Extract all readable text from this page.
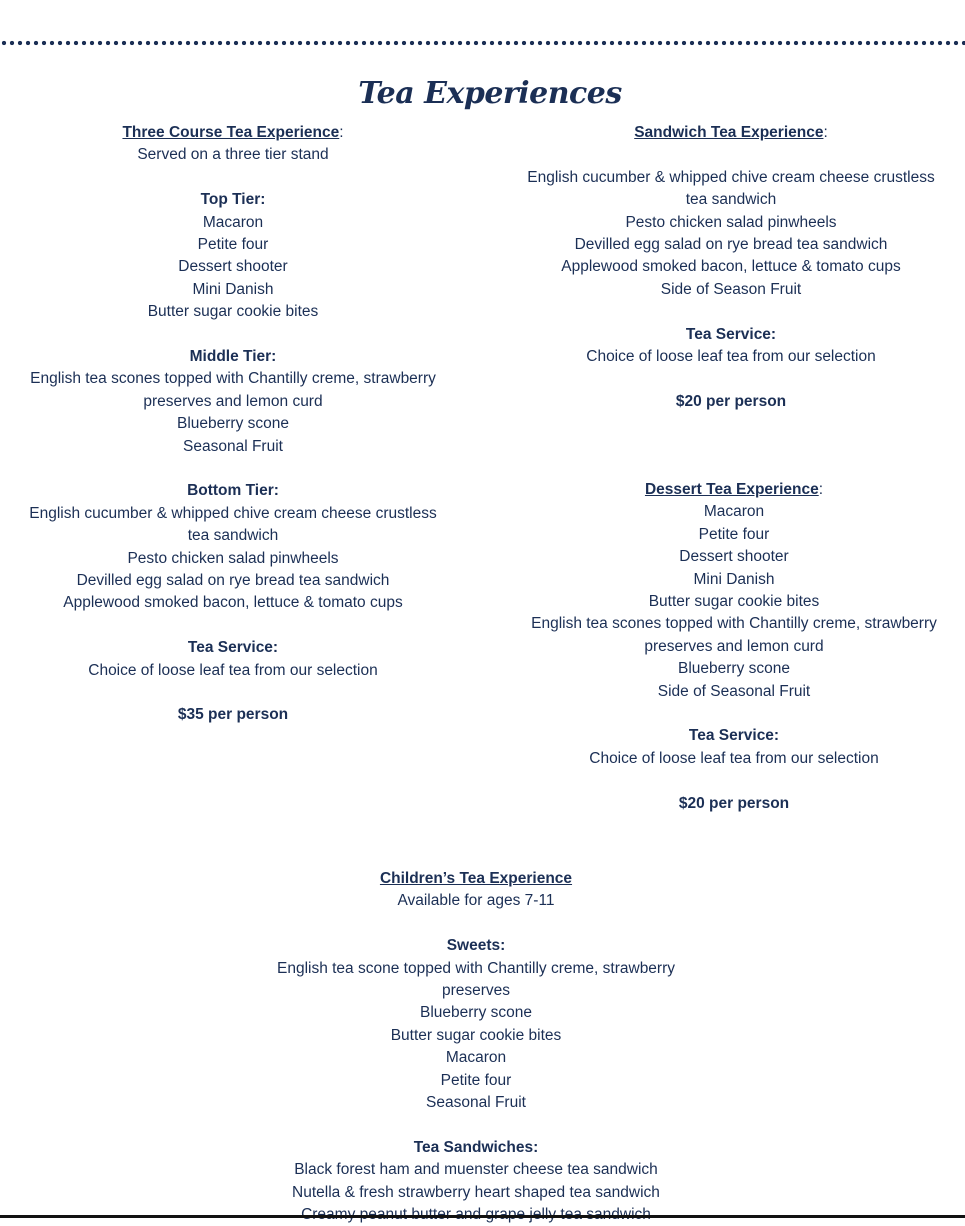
Tea Experiences
Three Course Tea Experience:
Served on a three tier stand
Top Tier:
Macaron
Petite four
Dessert shooter
Mini Danish
Butter sugar cookie bites
Middle Tier:
English tea scones topped with Chantilly creme, strawberry preserves and lemon curd
Blueberry scone
Seasonal Fruit
Bottom Tier:
English cucumber & whipped chive cream cheese crustless tea sandwich
Pesto chicken salad pinwheels
Devilled egg salad on rye bread tea sandwich
Applewood smoked bacon, lettuce & tomato cups
Tea Service:
Choice of loose leaf tea from our selection
$35 per person
Sandwich Tea Experience:
English cucumber & whipped chive cream cheese crustless tea sandwich
Pesto chicken salad pinwheels
Devilled egg salad on rye bread tea sandwich
Applewood smoked bacon, lettuce & tomato cups
Side of Season Fruit
Tea Service:
Choice of loose leaf tea from our selection
$20 per person
Dessert Tea Experience:
Macaron
Petite four
Dessert shooter
Mini Danish
Butter sugar cookie bites
English tea scones topped with Chantilly creme, strawberry preserves and lemon curd
Blueberry scone
Side of Seasonal Fruit
Tea Service:
Choice of loose leaf tea from our selection
$20 per person
Children’s Tea Experience
Available for ages 7-11
Sweets:
English tea scone topped with Chantilly creme, strawberry preserves
Blueberry scone
Butter sugar cookie bites
Macaron
Petite four
Seasonal Fruit
Tea Sandwiches:
Black forest ham and muenster cheese tea sandwich
Nutella & fresh strawberry heart shaped tea sandwich
